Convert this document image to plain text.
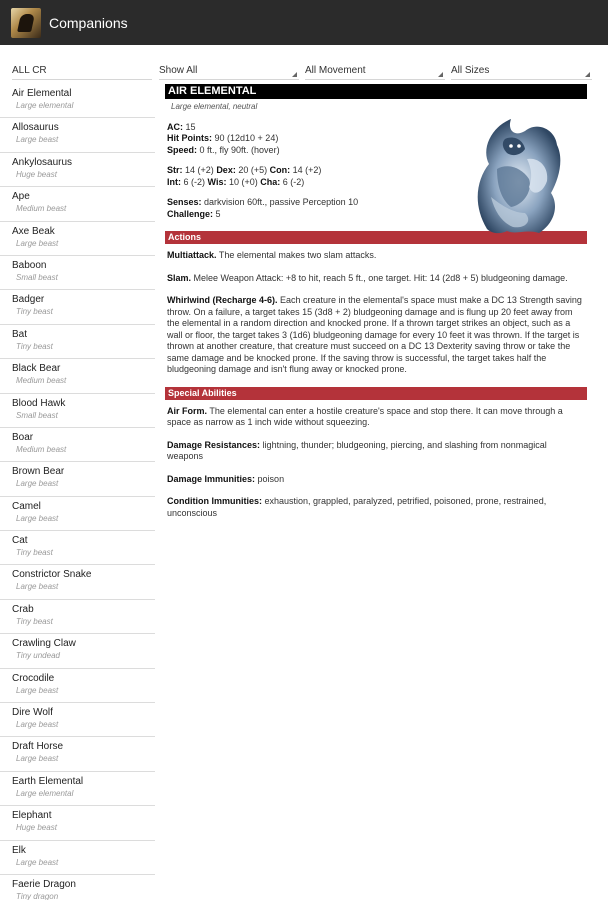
Companions
ALL CR	Show All	All Movement	All Sizes
Air Elemental
Large elemental
Allosaurus
Large beast
Ankylosaurus
Huge beast
Ape
Medium beast
Axe Beak
Large beast
Baboon
Small beast
Badger
Tiny beast
Bat
Tiny beast
Black Bear
Medium beast
Blood Hawk
Small beast
Boar
Medium beast
Brown Bear
Large beast
Camel
Large beast
Cat
Tiny beast
Constrictor Snake
Large beast
Crab
Tiny beast
Crawling Claw
Tiny undead
Crocodile
Large beast
Dire Wolf
Large beast
Draft Horse
Large beast
Earth Elemental
Large elemental
Elephant
Huge beast
Elk
Large beast
Faerie Dragon
Tiny dragon
AIR ELEMENTAL
Large elemental, neutral

AC: 15

Hit Points: 90 (12d10 + 24)

Speed: 0 ft., fly 90ft. (hover)

Str: 14 (+2) Dex: 20 (+5) Con: 14 (+2)

Int: 6 (-2) Wis: 10 (+0) Cha: 6 (-2)

Senses: darkvision 60ft., passive Perception 10

Challenge: 5

Actions

Multiattack. The elemental makes two slam attacks.

Slam. Melee Weapon Attack: +8 to hit, reach 5 ft., one target. Hit: 14 (2d8 + 5) bludgeoning damage.

Whirlwind (Recharge 4-6). Each creature in the elemental's space must make a DC 13 Strength saving throw. On a failure, a target takes 15 (3d8 + 2) bludgeoning damage and is flung up 20 feet away from the elemental in a random direction and knocked prone. If a thrown target strikes an object, such as a wall or floor, the target takes 3 (1d6) bludgeoning damage for every 10 feet it was thrown. If the target is thrown at another creature, that creature must succeed on a DC 13 Dexterity saving throw or take the same damage and be knocked prone. If the saving throw is successful, the target takes half the bludgeoning damage and isn't flung away or knocked prone.

Special Abilities

Air Form. The elemental can enter a hostile creature's space and stop there. It can move through a space as narrow as 1 inch wide without squeezing.

Damage Resistances: lightning, thunder; bludgeoning, piercing, and slashing from nonmagical weapons

Damage Immunities: poison

Condition Immunities: exhaustion, grappled, paralyzed, petrified, poisoned, prone, restrained, unconscious
